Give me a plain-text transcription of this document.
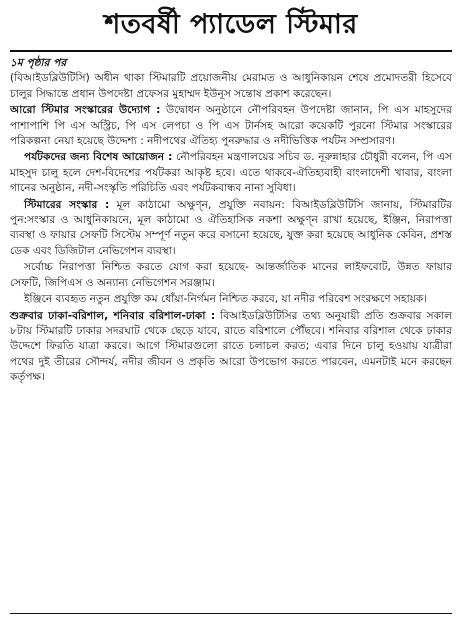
শতবর্ষী প্যাডেল স্টিমার

১ম পৃষ্ঠার পর
(বিআইডব্লিউটিসি) অধীন থাকা স্টিমারটি প্রয়োজনীয় মেরামত ও আধুনিকায়ন শেষে প্রমোদতরী হিসেবে চালুর সিদ্ধান্তে প্রধান উপদেষ্টা প্রফেসর মুহাম্মদ ইউনূস সন্তোষ প্রকাশ করেছেন।

আরো স্টিমার সংস্কারের উদ্যোগ : উদ্বোধন অনুষ্ঠানে নৌপরিবহন উপদেষ্টা জানান, পি এস মাহসুদের পাশাপাশি পি এস অস্ট্রিচ, পি এস লেপচা ও পি এস টার্নসহ আরো কয়েকটি পুরনো স্টিমার সংস্কারের পরিকল্পনা নেয়া হয়েছে উদ্দেশ্য : নদীপথের ঐতিহ্য পুনরুদ্ধার ও নদীভিত্তিক পর্যটন সম্প্রসারণ।

পর্যটকদের জন্য বিশেষ আয়োজন : নৌপরিবহন মন্ত্রণালয়ের সচিব ড. নূরুন্নাহার চৌধুরী বলেন, পি এস মাহসুদ চালু হলে দেশ-বিদেশের পর্যটকরা আকৃষ্ট হবে। এতে থাকবে-ঐতিহ্যবাহী বাংলাদেশী খাবার, বাংলা গানের অনুষ্ঠান, নদী-সংস্কৃতি পরিচিতি এবং পর্যটকবান্ধব নানা সুবিধা।

স্টিমারের সংস্কার : মূল কাঠামো অক্ষুণ্ন, প্রযুক্তি নবায়ন: বিআইডব্লিউটিসি জানায়, স্টিমারটির পুন:সংস্কার ও আধুনিকায়নে, মূল কাঠামো ও ঐতিহাসিক নকশা অক্ষুণ্ন রাখা হয়েছে, ইঞ্জিন, নিরাপত্তা ব্যবস্থা ও ফায়ার সেফটি সিস্টেম সম্পূর্ণ নতুন করে বসানো হয়েছে, যুক্ত করা হয়েছে আধুনিক কেবিন, প্রশস্ত ডেক এবং ডিজিটাল নেভিগেশন ব্যবস্থা।

সর্বোচ্চ নিরাপত্তা নিশ্চিত করতে যোগ করা হয়েছে- আন্তর্জাতিক মানের লাইফবোট, উন্নত ফায়ার সেফটি, জিপিএস ও অন্যান্য নেভিগেশন সরঞ্জাম।

ইঞ্জিনে ব্যবহৃত নতুন প্রযুক্তি কম ধোঁয়া-নির্গমন নিশ্চিত করবে, যা নদীর পরিবেশ সংরক্ষণে সহায়ক।

শুক্রবার ঢাকা-বরিশাল, শনিবার বরিশাল-ঢাকা : বিআইডব্লিউটিসির তথ্য অনুযায়ী প্রতি শুক্রবার সকাল ৮টায় স্টিমারটি ঢাকার সদরঘাট থেকে ছেড়ে যাবে, রাতে বরিশালে পৌঁছবে। শনিবার বরিশাল থেকে ঢাকার উদ্দেশে ফিরতি যাত্রা করবে। আগে স্টিমারগুলো রাতে চলাচল করত; এবার দিনে চালু হওয়ায় যাত্রীরা পথের দুই তীরের সৌন্দর্য, নদীর জীবন ও প্রকৃতি আরো উপভোগ করতে পারবেন, এমনটাই মনে করছেন কর্তৃপক্ষ।
